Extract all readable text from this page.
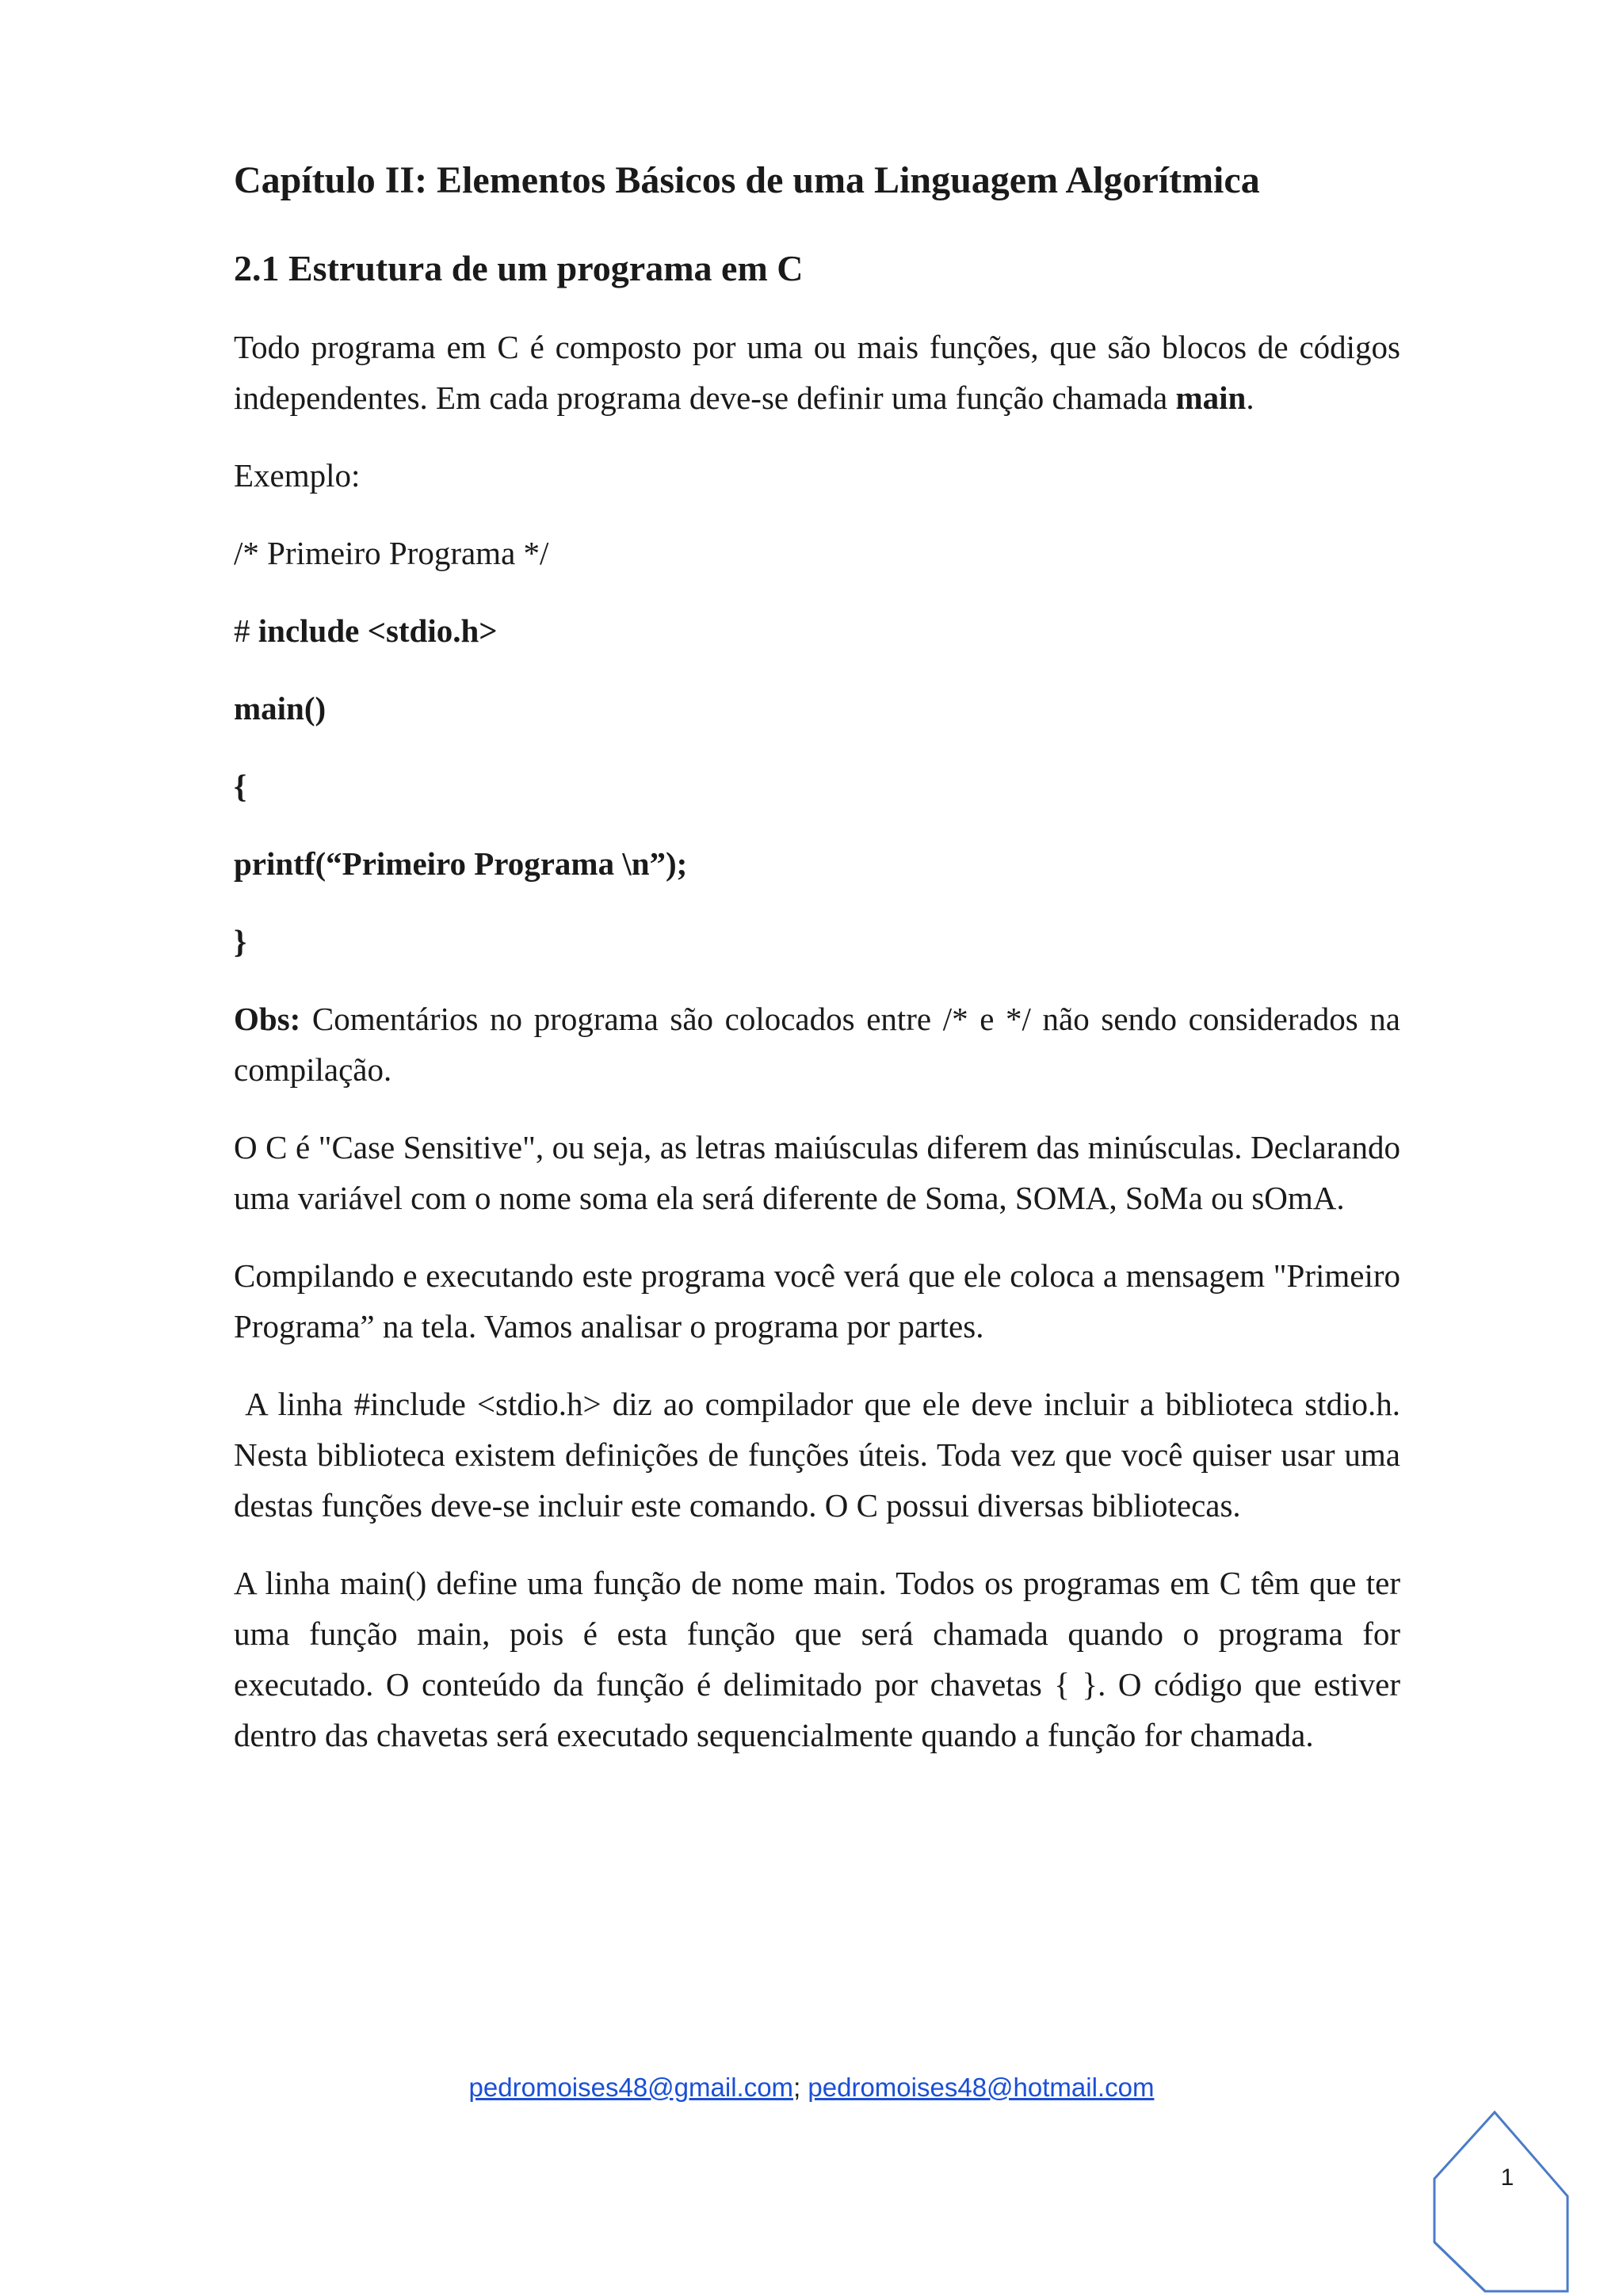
Capítulo II: Elementos Básicos de uma Linguagem Algorítmica
2.1 Estrutura de um programa em C

Todo programa em C é composto por uma ou mais funções, que são blocos de códigos independentes. Em cada programa deve-se definir uma função chamada main.

Exemplo:

/* Primeiro Programa */

# include <stdio.h>

main()

{

printf(“Primeiro Programa \n”);

}

Obs: Comentários no programa são colocados entre /* e */ não sendo considerados na compilação.

O C é "Case Sensitive", ou seja, as letras maiúsculas diferem das minúsculas. Declarando uma variável com o nome soma ela será diferente de Soma, SOMA, SoMa ou sOmA.

Compilando e executando este programa você verá que ele coloca a mensagem "Primeiro Programa” na tela. Vamos analisar o programa por partes.

A linha #include <stdio.h> diz ao compilador que ele deve incluir a biblioteca stdio.h. Nesta biblioteca existem definições de funções úteis. Toda vez que você quiser usar uma destas funções deve-se incluir este comando. O C possui diversas bibliotecas.

A linha main() define uma função de nome main. Todos os programas em C têm que ter uma função main, pois é esta função que será chamada quando o programa for executado. O conteúdo da função é delimitado por chavetas { }. O código que estiver dentro das chavetas será executado sequencialmente quando a função for chamada.

pedromoises48@gmail.com; pedromoises48@hotmail.com
1
